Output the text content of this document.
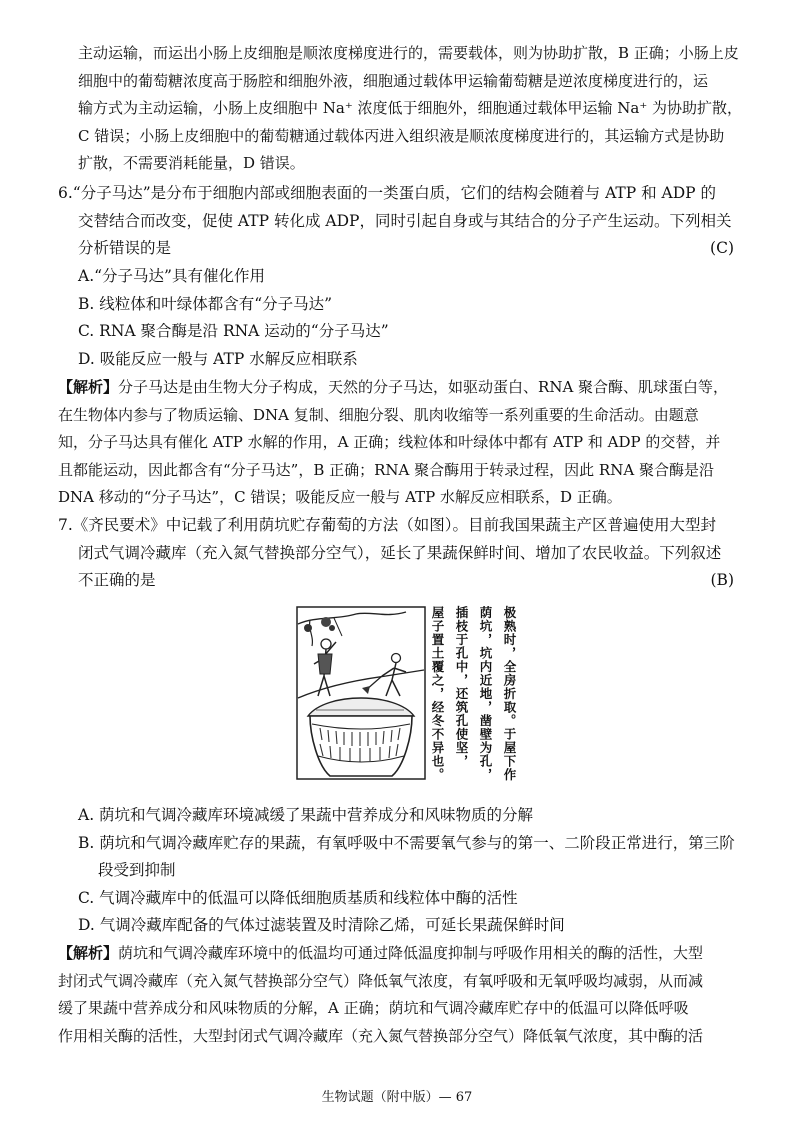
主动运输，而运出小肠上皮细胞是顺浓度梯度进行的，需要载体，则为协助扩散，B 正确；小肠上皮
细胞中的葡萄糖浓度高于肠腔和细胞外液，细胞通过载体甲运输葡萄糖是逆浓度梯度进行的，运
输方式为主动运输，小肠上皮细胞中 Na⁺ 浓度低于细胞外，细胞通过载体甲运输 Na⁺ 为协助扩散，
C 错误；小肠上皮细胞中的葡萄糖通过载体丙进入组织液是顺浓度梯度进行的，其运输方式是协助
扩散，不需要消耗能量，D 错误。
6.“分子马达”是分布于细胞内部或细胞表面的一类蛋白质，它们的结构会随着与 ATP 和 ADP 的
交替结合而改变，促使 ATP 转化成 ADP，同时引起自身或与其结合的分子产生运动。下列相关
分析错误的是	(C)
A.“分子马达”具有催化作用
B. 线粒体和叶绿体都含有“分子马达”
C. RNA 聚合酶是沿 RNA 运动的“分子马达”
D. 吸能反应一般与 ATP 水解反应相联系
【解析】分子马达是由生物大分子构成，天然的分子马达，如驱动蛋白、RNA 聚合酶、肌球蛋白等，
在生物体内参与了物质运输、DNA 复制、细胞分裂、肌肉收缩等一系列重要的生命活动。由题意
知，分子马达具有催化 ATP 水解的作用，A 正确；线粒体和叶绿体中都有 ATP 和 ADP 的交替，并
且都能运动，因此都含有“分子马达”，B 正确；RNA 聚合酶用于转录过程，因此 RNA 聚合酶是沿
DNA 移动的“分子马达”，C 错误；吸能反应一般与 ATP 水解反应相联系，D 正确。
7.《齐民要术》中记载了利用荫坑贮存葡萄的方法（如图）。目前我国果蔬主产区普遍使用大型封
闭式气调冷藏库（充入氮气替换部分空气），延长了果蔬保鲜时间、增加了农民收益。下列叙述
不正确的是	(B)
极熟时，全房折取。于屋下作
荫坑，坑内近地，凿壁为孔，
插枝于孔中，还筑孔使坚，
屋子置土覆之，经冬不异也。
A. 荫坑和气调冷藏库环境减缓了果蔬中营养成分和风味物质的分解
B. 荫坑和气调冷藏库贮存的果蔬，有氧呼吸中不需要氧气参与的第一、二阶段正常进行，第三阶
段受到抑制
C. 气调冷藏库中的低温可以降低细胞质基质和线粒体中酶的活性
D. 气调冷藏库配备的气体过滤装置及时清除乙烯，可延长果蔬保鲜时间
【解析】荫坑和气调冷藏库环境中的低温均可通过降低温度抑制与呼吸作用相关的酶的活性，大型
封闭式气调冷藏库（充入氮气替换部分空气）降低氧气浓度，有氧呼吸和无氧呼吸均减弱，从而减
缓了果蔬中营养成分和风味物质的分解，A 正确；荫坑和气调冷藏库贮存中的低温可以降低呼吸
作用相关酶的活性，大型封闭式气调冷藏库（充入氮气替换部分空气）降低氧气浓度，其中酶的活
生物试题（附中版）— 67
